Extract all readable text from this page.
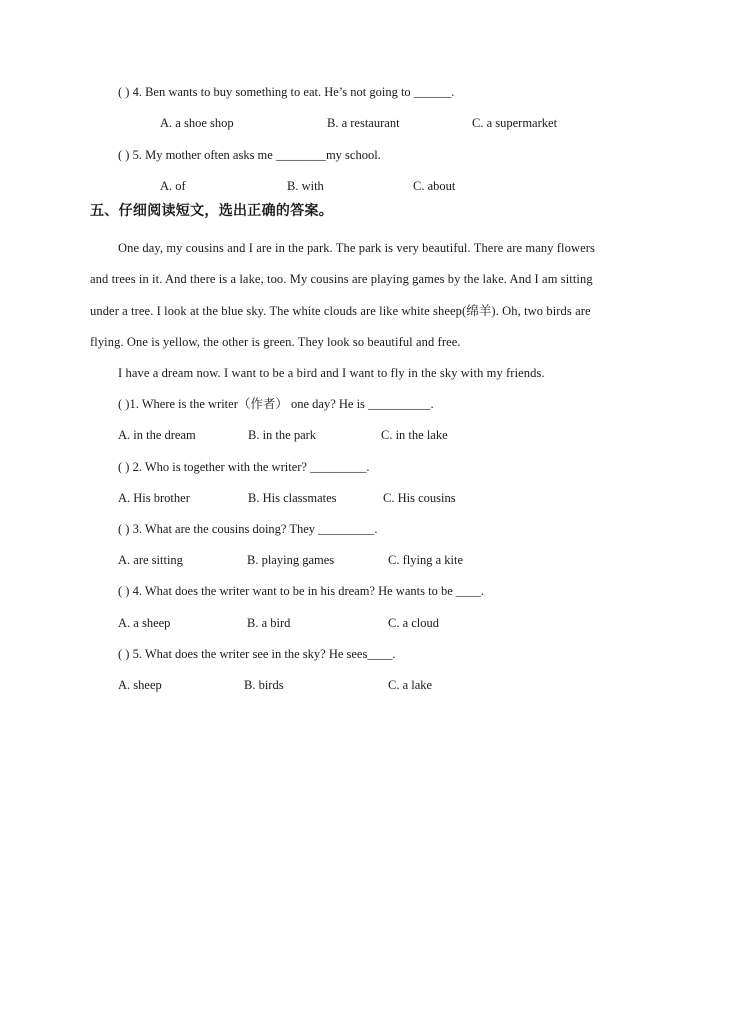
( ) 4. Ben wants to buy something to eat. He’s not going to ______.
A. a shoe shop	B. a restaurant	C. a supermarket
( ) 5. My mother often asks me ________my school.
A. of	B. with	C. about
五、仔细阅读短文，选出正确的答案。
One day, my cousins and I are in the park. The park is very beautiful. There are many flowers
and trees in it. And there is a lake, too. My cousins are playing games by the lake. And I am sitting
under a tree. I look at the blue sky. The white clouds are like white sheep(绵羊). Oh, two birds are
flying. One is yellow, the other is green. They look so beautiful and free.
I have a dream now. I want to be a bird and I want to fly in the sky with my friends.
( )1. Where is the writer（作者） one day? He is __________.
A. in the dream	B. in the park	C. in the lake
( ) 2. Who is together with the writer? _________.
A. His brother	B. His classmates	C. His cousins
( ) 3. What are the cousins doing? They _________.
A. are sitting	B. playing games	C. flying a kite
( ) 4. What does the writer want to be in his dream? He wants to be ____.
A. a sheep	B. a bird	C. a cloud
( ) 5. What does the writer see in the sky? He sees____.
A. sheep	B. birds	C. a lake
